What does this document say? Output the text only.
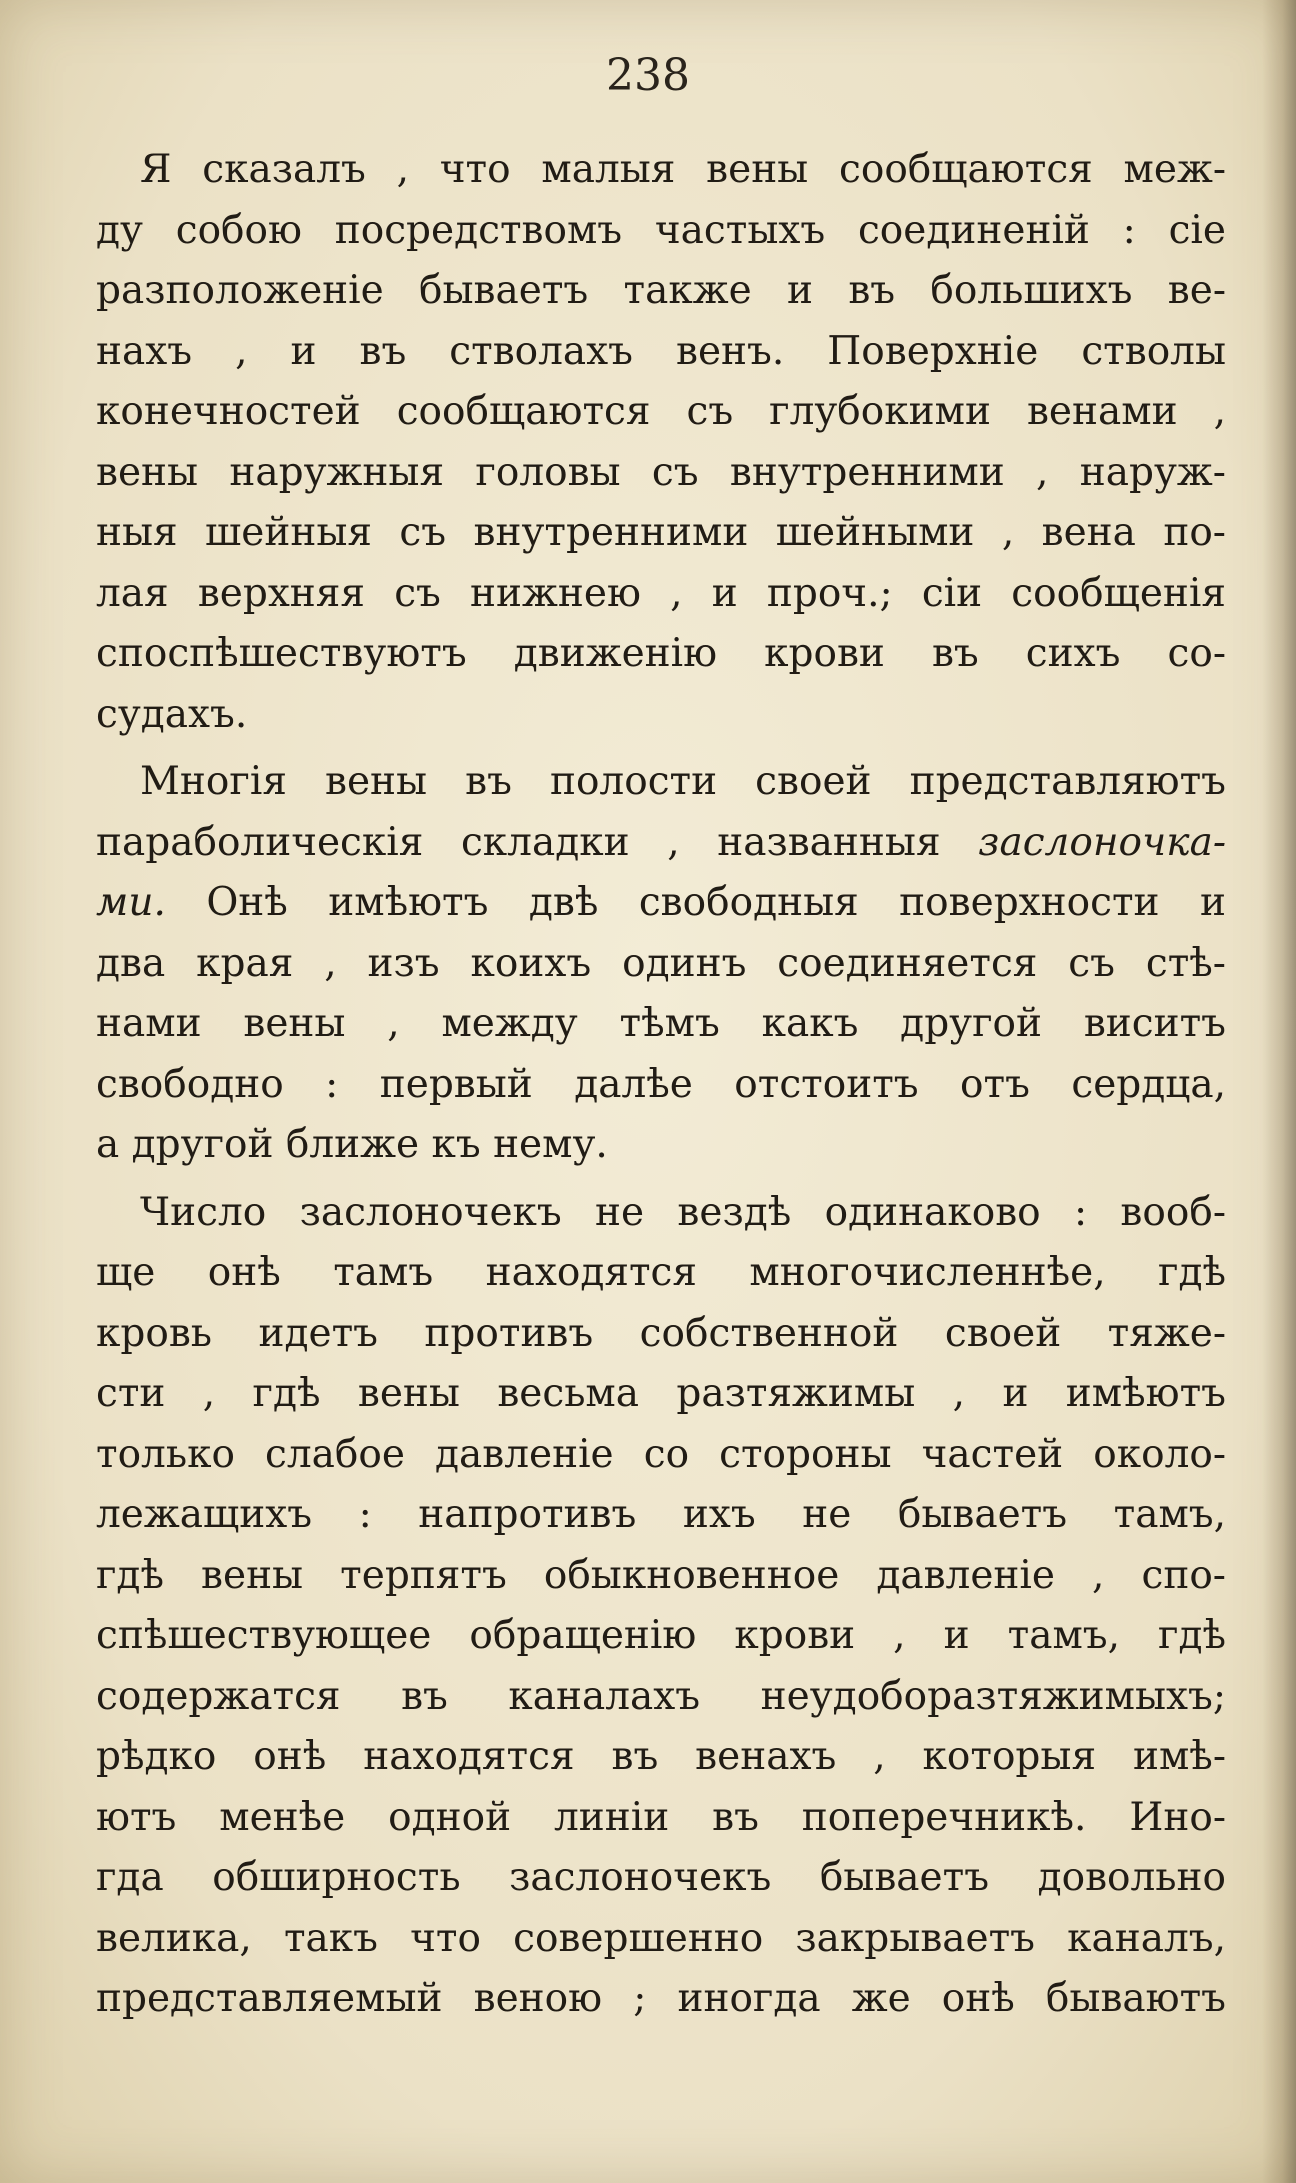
238
Я сказалъ , что малыя вены сообщаются меж-
ду собою посредствомъ частыхъ соединеній : сіе
разположеніе бываетъ также и въ большихъ ве-
нахъ , и въ стволахъ венъ. Поверхніе стволы
конечностей сообщаются съ глубокими венами ,
вены наружныя головы съ внутренними , наруж-
ныя шейныя съ внутренними шейными , вена по-
лая верхняя съ нижнею , и проч.; сіи сообщенія
споспѣшествуютъ движенію крови въ сихъ со-
судахъ.
Многія вены въ полости своей представляютъ
параболическія складки , названныя заслоночка-
ми. Онѣ имѣютъ двѣ свободныя поверхности и
два края , изъ коихъ одинъ соединяется съ стѣ-
нами вены , между тѣмъ какъ другой виситъ
свободно : первый далѣе отстоитъ отъ сердца,
а другой ближе къ нему.
Число заслоночекъ не вездѣ одинаково : вооб-
ще онѣ тамъ находятся многочисленнѣе, гдѣ
кровь идетъ противъ собственной своей тяже-
сти , гдѣ вены весьма разтяжимы , и имѣютъ
только слабое давленіе со стороны частей около-
лежащихъ : напротивъ ихъ не бываетъ тамъ,
гдѣ вены терпятъ обыкновенное давленіе , спо-
спѣшествующее обращенію крови , и тамъ, гдѣ
содержатся въ каналахъ неудоборазтяжимыхъ;
рѣдко онѣ находятся въ венахъ , которыя имѣ-
ютъ менѣе одной линіи въ поперечникѣ. Ино-
гда обширность заслоночекъ бываетъ довольно
велика, такъ что совершенно закрываетъ каналъ,
представляемый веною ; иногда же онѣ бываютъ
